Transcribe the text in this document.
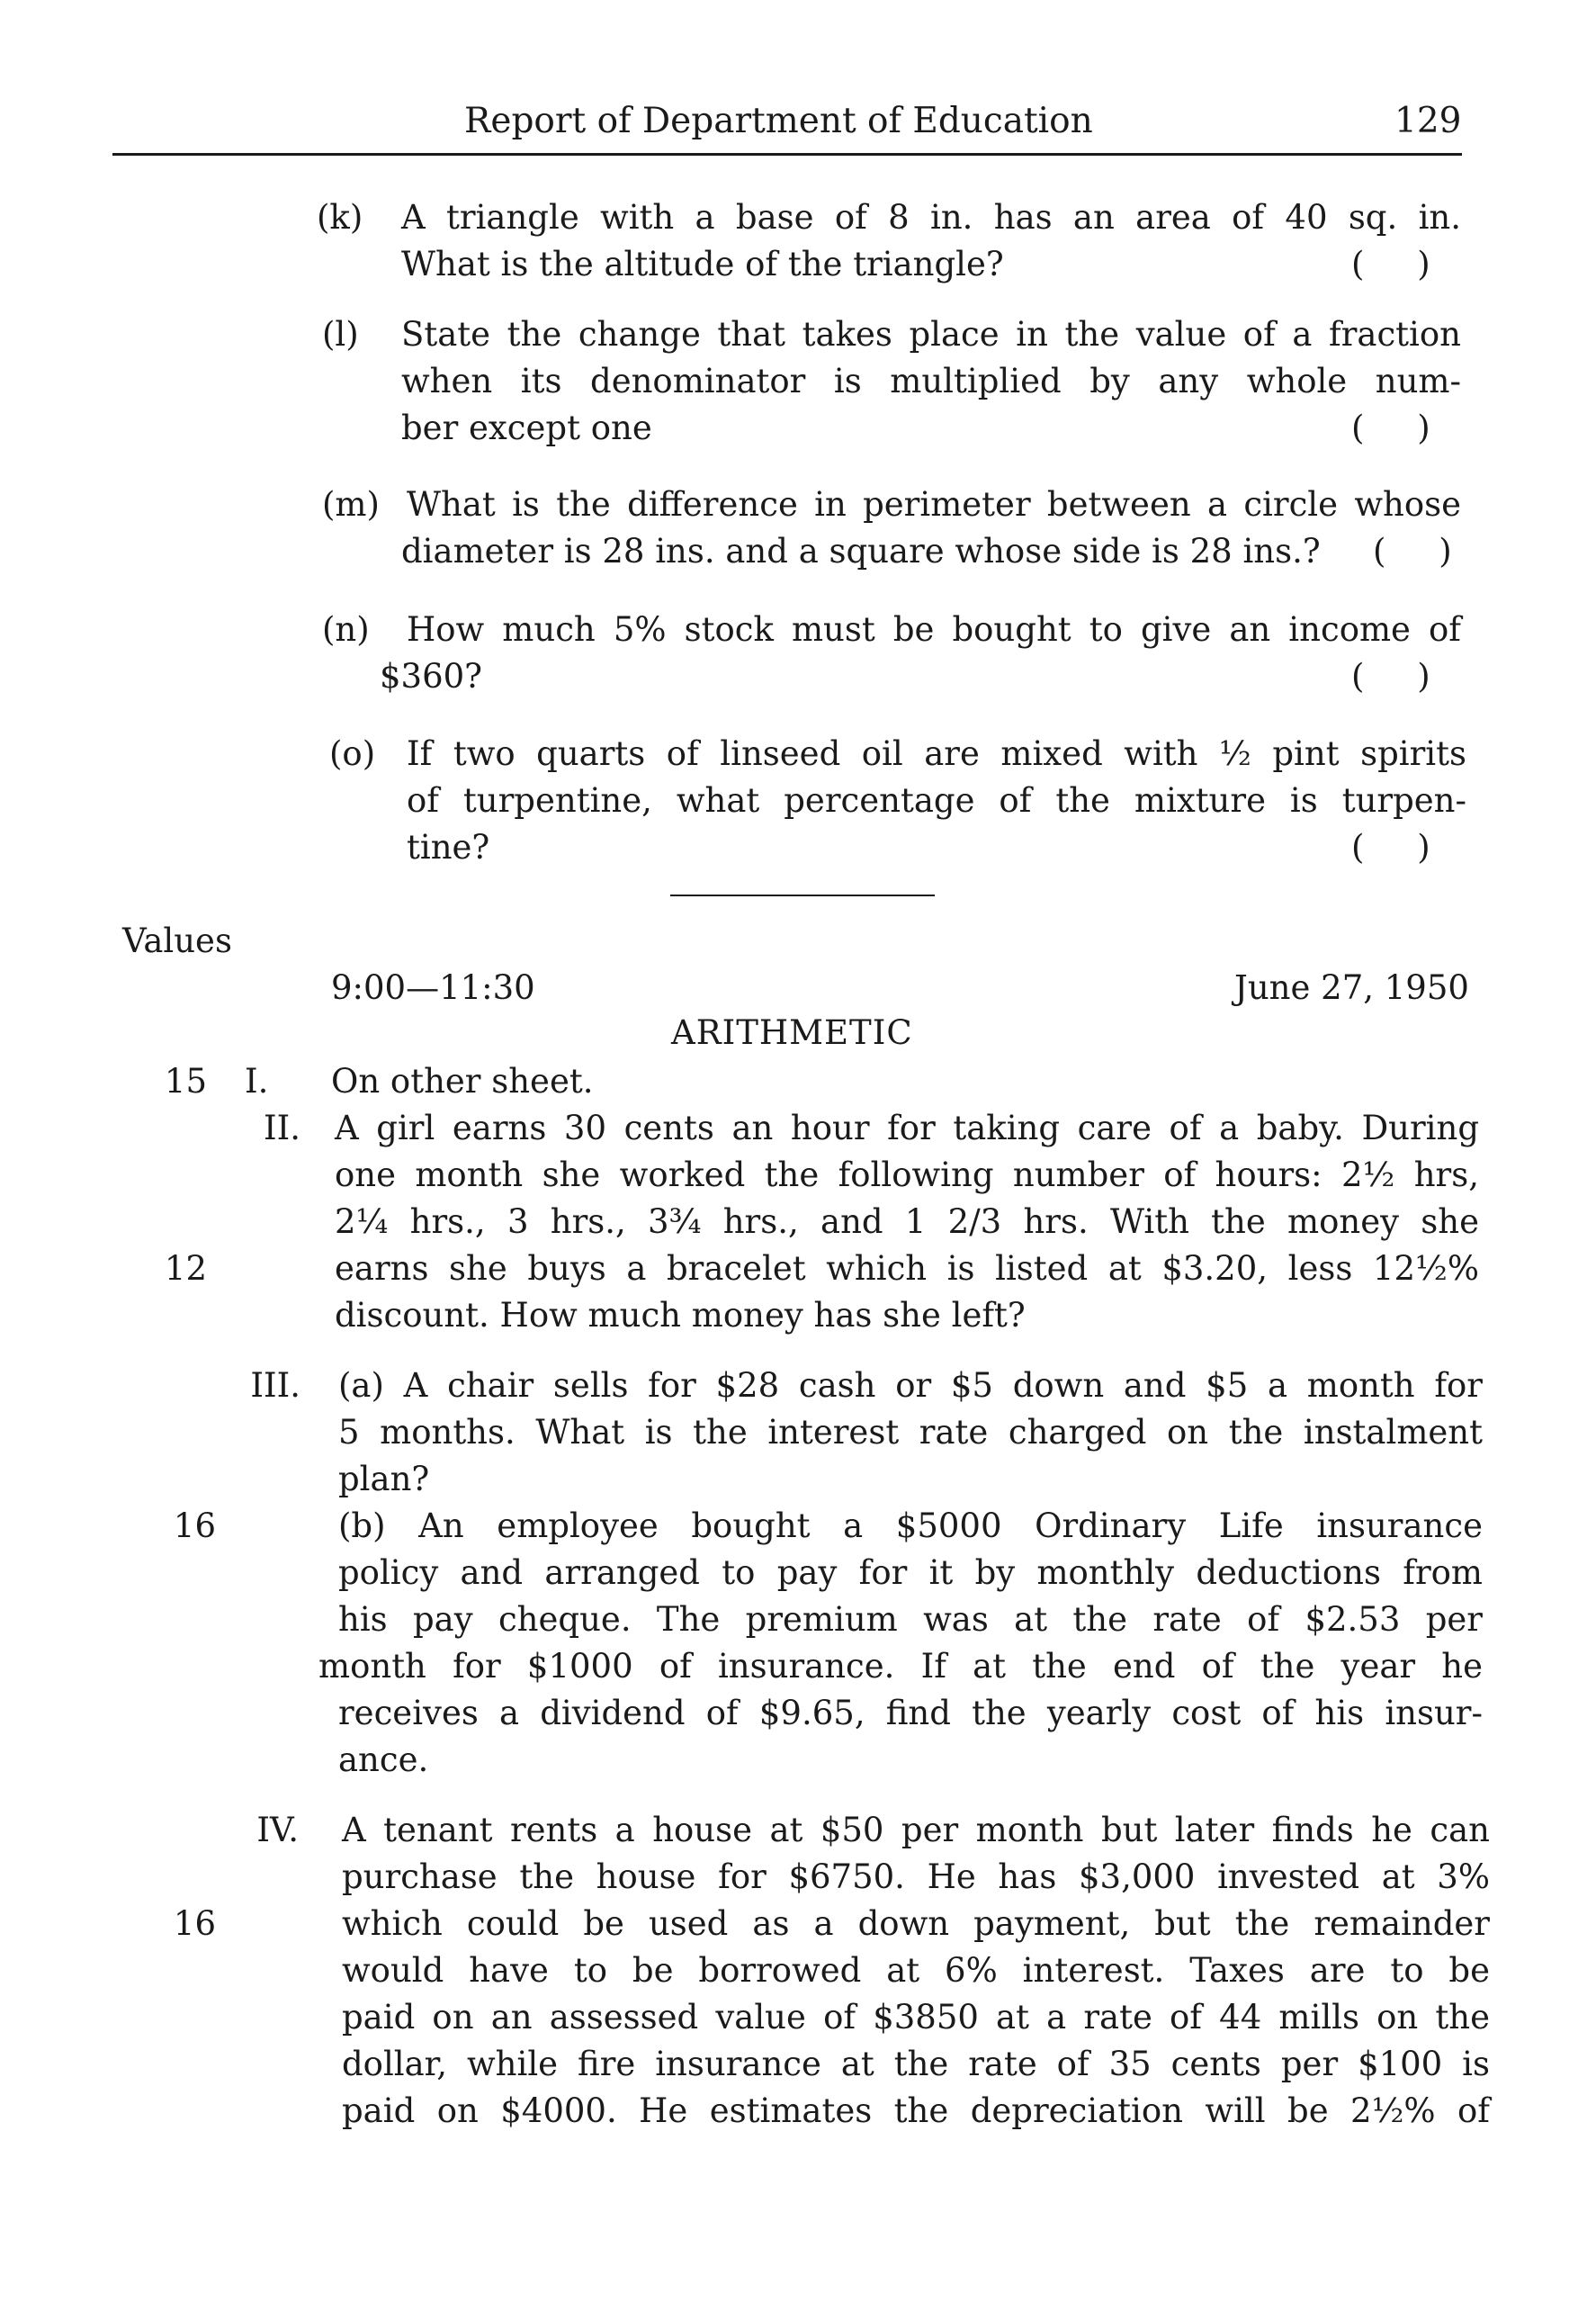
Report of Department of Education	129
(k) A triangle with a base of 8 in. has an area of 40 sq. in.
What is the altitude of the triangle?	(     )
(l) State the change that takes place in the value of a fraction
when its denominator is multiplied by any whole num-
ber except one	(     )
(m) What is the difference in perimeter between a circle whose
diameter is 28 ins. and a square whose side is 28 ins.? (     )
(n) How much 5% stock must be bought to give an income of
$360?	(     )
(o) If two quarts of linseed oil are mixed with ½ pint spirits
of turpentine, what percentage of the mixture is turpen-
tine?	(     )
Values
9:00—11:30	June 27, 1950
ARITHMETIC
15 I. On other sheet.
II.
12
A girl earns 30 cents an hour for taking care of a baby. During
one month she worked the following number of hours: 2½ hrs,
2¼ hrs., 3 hrs., 3¾ hrs., and 1 2/3 hrs. With the money she
earns she buys a bracelet which is listed at $3.20, less 12½%
discount. How much money has she left?
III.
16
(a) A chair sells for $28 cash or $5 down and $5 a month for
5 months. What is the interest rate charged on the instalment
plan?
(b) An employee bought a $5000 Ordinary Life insurance
policy and arranged to pay for it by monthly deductions from
his pay cheque. The premium was at the rate of $2.53 per
month for $1000 of insurance. If at the end of the year he
receives a dividend of $9.65, find the yearly cost of his insur-
ance.
IV.
16
A tenant rents a house at $50 per month but later finds he can
purchase the house for $6750. He has $3,000 invested at 3%
which could be used as a down payment, but the remainder
would have to be borrowed at 6% interest. Taxes are to be
paid on an assessed value of $3850 at a rate of 44 mills on the
dollar, while fire insurance at the rate of 35 cents per $100 is
paid on $4000. He estimates the depreciation will be 2½% of
